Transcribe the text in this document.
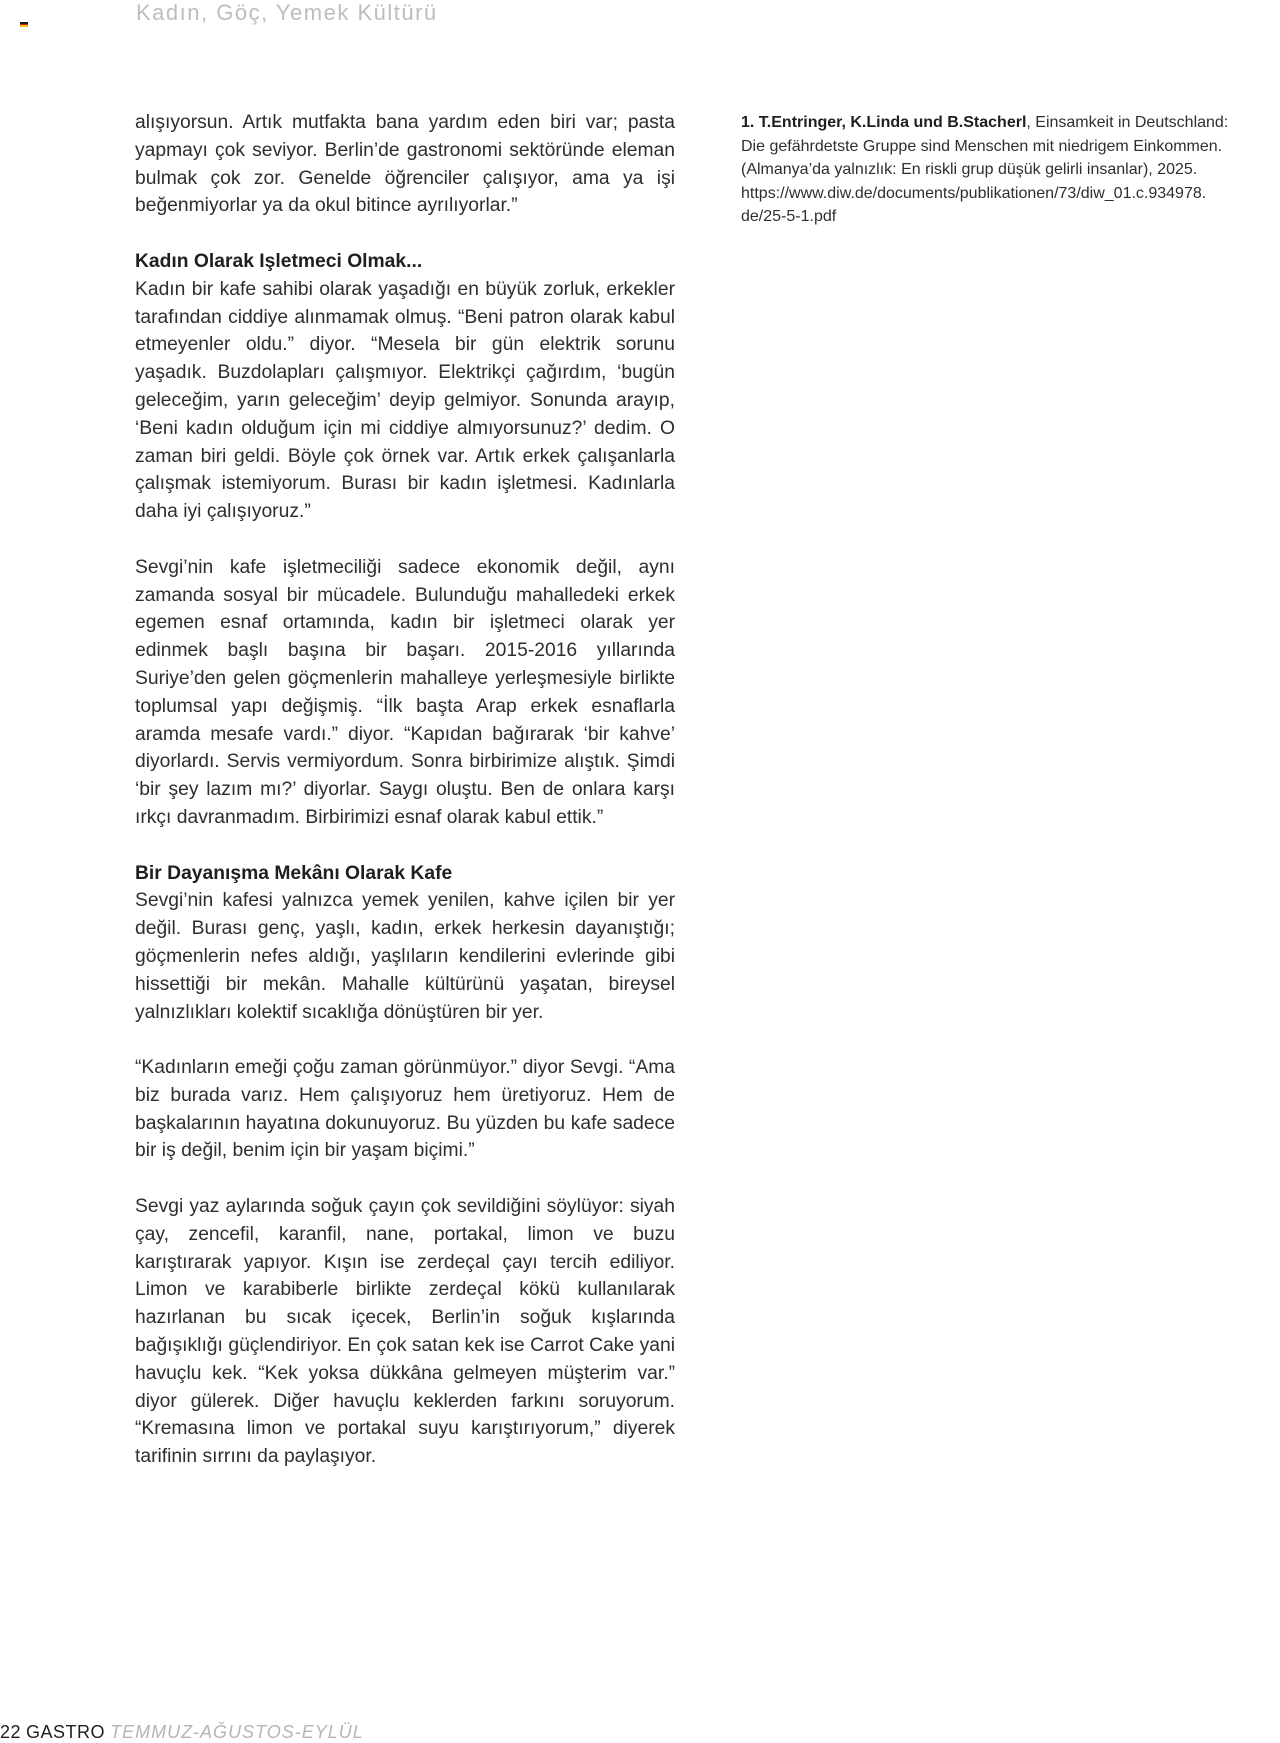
Kadın, Göç, Yemek Kültürü

alışıyorsun. Artık mutfakta bana yardım eden biri var; pasta yapmayı çok seviyor. Berlin’de gastronomi sektöründe eleman bulmak çok zor. Genelde öğrenciler çalışıyor, ama ya işi beğenmiyorlar ya da okul bitince ayrılıyorlar.”

Kadın Olarak Işletmeci Olmak...

Kadın bir kafe sahibi olarak yaşadığı en büyük zorluk, erkekler tarafından ciddiye alınmamak olmuş. “Beni patron olarak kabul etmeyenler oldu.” diyor. “Mesela bir gün elektrik sorunu yaşadık. Buzdolapları çalışmıyor. Elektrikçi çağırdım, ‘bugün geleceğim, yarın geleceğim’ deyip gelmiyor. Sonunda arayıp, ‘Beni kadın olduğum için mi ciddiye almıyorsunuz?’ dedim. O zaman biri geldi. Böyle çok örnek var. Artık erkek çalışanlarla çalışmak istemiyorum. Burası bir kadın işletmesi. Kadınlarla daha iyi çalışıyoruz.”

Sevgi’nin kafe işletmeciliği sadece ekonomik değil, aynı zamanda sosyal bir mücadele. Bulunduğu mahalledeki erkek egemen esnaf ortamında, kadın bir işletmeci olarak yer edinmek başlı başına bir başarı. 2015-2016 yıllarında Suriye’den gelen göçmenlerin mahalleye yerleşmesiyle birlikte toplumsal yapı değişmiş. “İlk başta Arap erkek esnaflarla aramda mesafe vardı.” diyor. “Kapıdan bağırarak ‘bir kahve’ diyorlardı. Servis vermiyordum. Sonra birbirimize alıştık. Şimdi ‘bir şey lazım mı?’ diyorlar. Saygı oluştu. Ben de onlara karşı ırkçı davranmadım. Birbirimizi esnaf olarak kabul ettik.”

Bir Dayanışma Mekânı Olarak Kafe

Sevgi’nin kafesi yalnızca yemek yenilen, kahve içilen bir yer değil. Burası genç, yaşlı, kadın, erkek herkesin dayanıştığı; göçmenlerin nefes aldığı, yaşlıların kendilerini evlerinde gibi hissettiği bir mekân. Mahalle kültürünü yaşatan, bireysel yalnızlıkları kolektif sıcaklığa dönüştüren bir yer.

“Kadınların emeği çoğu zaman görünmüyor.” diyor Sevgi. “Ama biz burada varız. Hem çalışıyoruz hem üretiyoruz. Hem de başkalarının hayatına dokunuyoruz. Bu yüzden bu kafe sadece bir iş değil, benim için bir yaşam biçimi.”

Sevgi yaz aylarında soğuk çayın çok sevildiğini söylüyor: siyah çay, zencefil, karanfil, nane, portakal, limon ve buzu karıştırarak yapıyor. Kışın ise zerdeçal çayı tercih ediliyor. Limon ve karabiberle birlikte zerdeçal kökü kullanılarak hazırlanan bu sıcak içecek, Berlin’in soğuk kışlarında bağışıklığı güçlendiriyor. En çok satan kek ise Carrot Cake yani havuçlu kek. “Kek yoksa dükkâna gelmeyen müşterim var.” diyor gülerek. Diğer havuçlu keklerden farkını soruyorum. “Kremasına limon ve portakal suyu karıştırıyorum,” diyerek tarifinin sırrını da paylaşıyor.

1. T.Entringer, K.Linda und B.Stacherl, Einsamkeit in Deutschland:

Die gefährdetste Gruppe sind Menschen mit niedrigem Einkommen.

(Almanya’da yalnızlık: En riskli grup düşük gelirli insanlar), 2025.

https://www.diw.de/documents/publikationen/73/diw_01.c.934978.

de/25-5-1.pdf

22 GASTRO TEMMUZ-AĞUSTOS-EYLÜL
